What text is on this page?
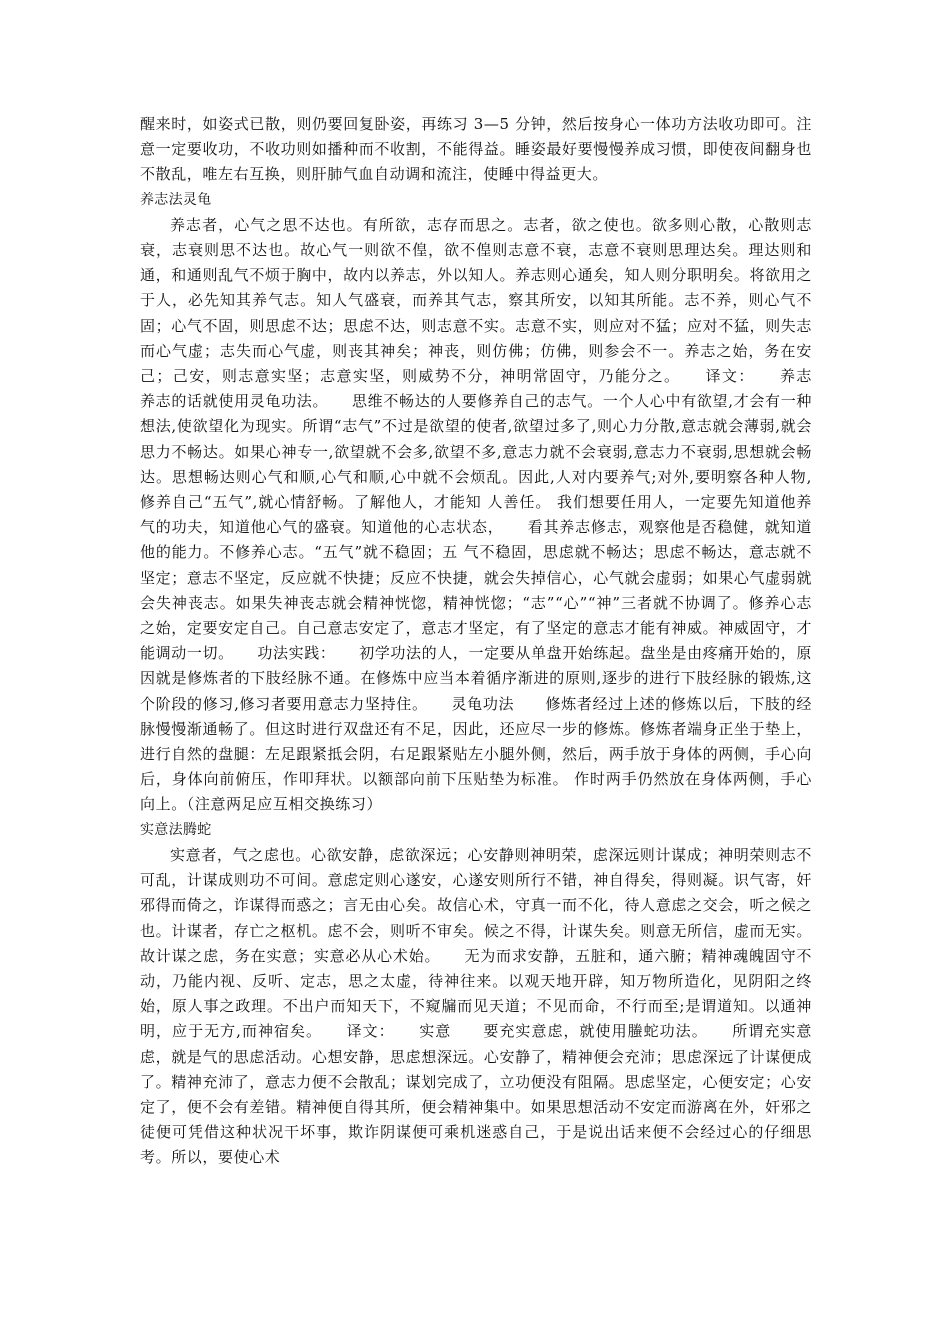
醒来时，如姿式已散，则仍要回复卧姿，再练习 3—5 分钟，然后按身心一体功方法收功即可。注意一定要收功，不收功则如播种而不收割，不能得益。睡姿最好要慢慢养成习惯，即使夜间翻身也不散乱，唯左右互换，则肝肺气血自动调和流注，使睡中得益更大。

养志法灵龟

养志者，心气之思不达也。有所欲，志存而思之。志者，欲之使也。欲多则心散，心散则志衰，志衰则思不达也。故心气一则欲不偟，欲不偟则志意不衰，志意不衰则思理达矣。理达则和通，和通则乱气不烦于胸中，故内以养志，外以知人。养志则心通矣，知人则分职明矣。将欲用之于人，必先知其养气志。知人气盛衰，而养其气志，察其所安，以知其所能。志不养，则心气不固；心气不固，则思虑不达；思虑不达，则志意不实。志意不实，则应对不猛；应对不猛，则失志而心气虚；志失而心气虚，则丧其神矣；神丧，则仿佛；仿佛，则参会不一。养志之始，务在安己；己安，则志意实坚；志意实坚，则威势不分，神明常固守，乃能分之。　　译文：　　养志　　养志的话就使用灵龟功法。　　思维不畅达的人要修养自己的志气。一个人心中有欲望,才会有一种想法,使欲望化为现实。所谓“志气”不过是欲望的使者,欲望过多了,则心力分散,意志就会薄弱,就会思力不畅达。如果心神专一,欲望就不会多,欲望不多,意志力就不会衰弱,意志力不衰弱,思想就会畅达。思想畅达则心气和顺,心气和顺,心中就不会烦乱。因此,人对内要养气;对外,要明察各种人物,修养自己“五气”,就心情舒畅。了解他人，才能知 人善任。 我们想要任用人，一定要先知道他养气的功夫，知道他心气的盛衰。知道他的心志状态，　　看其养志修志，观察他是否稳健，就知道他的能力。不修养心志。“五气”就不稳固；五 气不稳固，思虑就不畅达；思虑不畅达，意志就不坚定；意志不坚定，反应就不快捷；反应不快捷，就会失掉信心，心气就会虚弱；如果心气虚弱就会失神丧志。如果失神丧志就会精神恍惚，精神恍惚；“志”“心”“神”三者就不协调了。修养心志之始，定要安定自己。自己意志安定了，意志才坚定，有了坚定的意志才能有神威。神威固守，才能调动一切。　　功法实践：　　初学功法的人，一定要从单盘开始练起。盘坐是由疼痛开始的，原因就是修炼者的下肢经脉不通。在修炼中应当本着循序渐进的原则,逐步的进行下肢经脉的锻炼,这个阶段的修习,修习者要用意志力坚持住。　　灵龟功法　　修炼者经过上述的修炼以后，下肢的经脉慢慢渐通畅了。但这时进行双盘还有不足，因此，还应尽一步的修炼。修炼者端身正坐于垫上，进行自然的盘腿：左足跟紧抵会阴，右足跟紧贴左小腿外侧，然后，两手放于身体的两侧，手心向后，身体向前俯压，作叩拜状。以额部向前下压贴垫为标准。 作时两手仍然放在身体两侧，手心向上。（注意两足应互相交换练习）

实意法腾蛇

实意者，气之虑也。心欲安静，虑欲深远；心安静则神明荣，虑深远则计谋成；神明荣则志不可乱，计谋成则功不可间。意虑定则心遂安，心遂安则所行不错，神自得矣，得则凝。识气寄，奸邪得而倚之，诈谋得而惑之；言无由心矣。故信心术，守真一而不化，待人意虑之交会，听之候之也。计谋者，存亡之枢机。虑不会，则听不审矣。候之不得，计谋失矣。则意无所信，虚而无实。故计谋之虑，务在实意；实意必从心术始。　　无为而求安静，五脏和，通六腑；精神魂魄固守不动，乃能内视、反听、定志，思之太虚，待神往来。以观天地开辟，知万物所造化，见阴阳之终始，原人事之政理。不出户而知天下，不窥牖而见天道；不见而命，不行而至;是谓道知。以通神明，应于无方,而神宿矣。　　译文：　　实意　　要充实意虑，就使用螣蛇功法。　　所谓充实意虑，就是气的思虑活动。心想安静，思虑想深远。心安静了，精神便会充沛；思虑深远了计谋便成了。精神充沛了，意志力便不会散乱；谋划完成了，立功便没有阻隔。思虑坚定，心便安定；心安定了，便不会有差错。精神便自得其所，便会精神集中。如果思想活动不安定而游离在外，奸邪之徒便可凭借这种状况干坏事，欺诈阴谋便可乘机迷惑自己，于是说出话来便不会经过心的仔细思考。所以，要使心术
